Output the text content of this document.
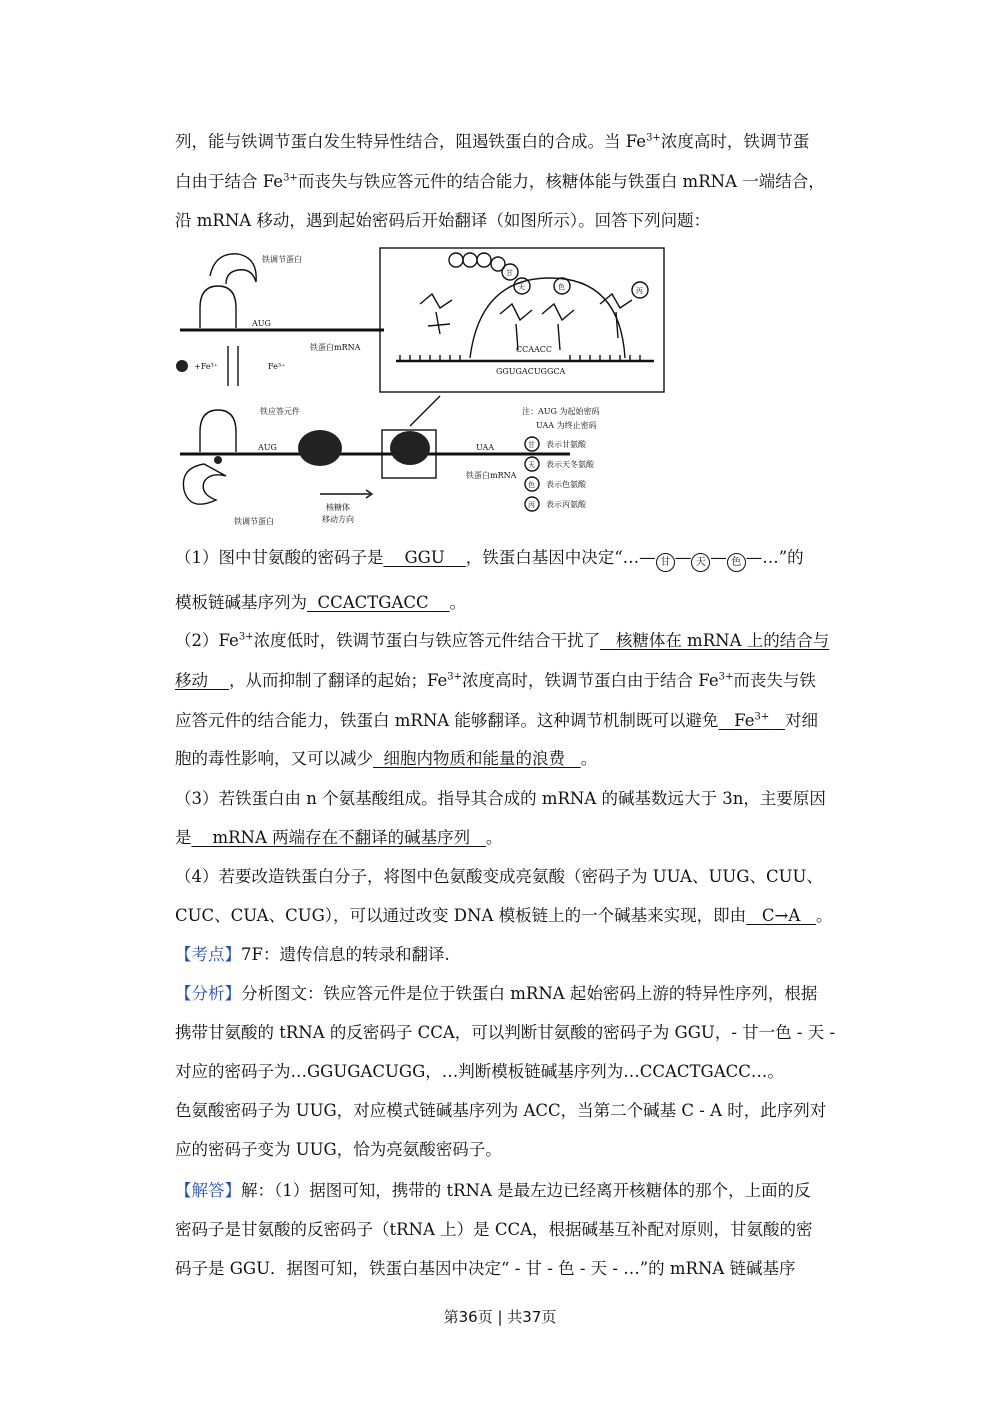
列，能与铁调节蛋白发生特异性结合，阻遏铁蛋白的合成。当 $Fe^{3+}$浓度高时，铁调节蛋
白由于结合 $Fe^{3+}$而丧失与铁应答元件的结合能力，核糖体能与铁蛋白 mRNA 一端结合，
沿 mRNA 移动，遇到起始密码后开始翻译（如图所示）。回答下列问题：
铁调节蛋白
AUG
铁蛋白mRNA
+Fe³⁺	Fe³⁺
铁应答元件
AUG	UAA
铁蛋白mRNA
核糖体
移动方向
铁调节蛋白
CCAACC
GGUGACUGGCA
甘
天	色	丙
注：AUG 为起始密码
UAA 为终止密码
甘
天
色
丙
表示甘氨酸
表示天冬氨酸
表示色氨酸
表示丙氨酸
（1）图中甘氨酸的密码子是 GGU ，铁蛋白基因中决定“…— 甘 — 天 — 色 —…”的
模板链碱基序列为 CCACTGACC 。
$(2)Fe^{3+}$浓度低时，铁调节蛋白与铁应答元件结合干扰了 核糖体在 mRNA 上的结合与
移动 ，从而抑制了翻译的起始；$Fe^{3+}$浓度高时，铁调节蛋白由于结合 $Fe^{3+}$而丧失与铁
应答元件的结合能力，铁蛋白 mRNA 能够翻译。这种调节机制既可以避免 $Fe^{3+}$ 对细
胞的毒性影响，又可以减少 细胞内物质和能量的浪费 。
（3）若铁蛋白由 n 个氨基酸组成。指导其合成的 mRNA 的碱基数远大于 3n，主要原因
是 mRNA 两端存在不翻译的碱基序列 。
（4）若要改造铁蛋白分子，将图中色氨酸变成亮氨酸（密码子为 UUA、UUG、CUU、
CUC、CUA、CUG），可以通过改变 DNA 模板链上的一个碱基来实现，即由 C→A 。
【考点】7F：遗传信息的转录和翻译.
【分析】分析图文：铁应答元件是位于铁蛋白 mRNA 起始密码上游的特异性序列，根据
携带甘氨酸的 tRNA 的反密码子 CCA，可以判断甘氨酸的密码子为 GGU，- 甘一色 - 天 -
对应的密码子为…GGUGACUGG，…判断模板链碱基序列为…CCACTGACC…。
色氨酸密码子为 UUG，对应模式链碱基序列为 ACC，当第二个碱基 C - A 时，此序列对
应的密码子变为 UUG，恰为亮氨酸密码子。
【解答】解：（1）据图可知，携带的 tRNA 是最左边已经离开核糖体的那个，上面的反
密码子是甘氨酸的反密码子（tRNA 上）是 CCA，根据碱基互补配对原则，甘氨酸的密
码子是 GGU．据图可知，铁蛋白基因中决定“ - 甘 - 色 - 天 - …”的 mRNA 链碱基序
第36页 | 共37页
